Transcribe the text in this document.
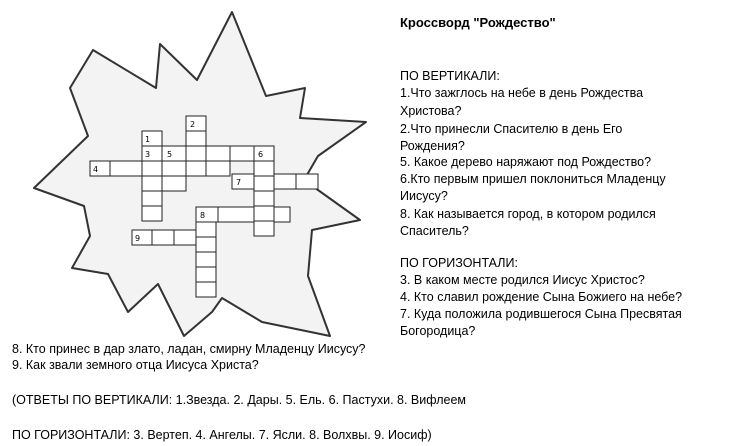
1
2
3 5	6
4
7
8
9
Кроссворд "Рождество"
ПО ВЕРТИКАЛИ:
1.Что зажглось на небе в день Рождества
Христова?
2.Что принесли Спасителю в день Его
Рождения?
5. Какое дерево наряжают под Рождество?
6.Кто первым пришел поклониться Младенцу
Иисусу?
8. Как называется город, в котором родился
Спаситель?
ПО ГОРИЗОНТАЛИ:
3. В каком месте родился Иисус Христос?
4. Кто славил рождение Сына Божиего на небе?
7. Куда положила родившегося Сына Пресвятая
Богородица?
8. Кто принес в дар злато, ладан, смирну Младенцу Иисусу?
9. Как звали земного отца Иисуса Христа?
(ОТВЕТЫ ПО ВЕРТИКАЛИ: 1.Звезда. 2. Дары. 5. Ель. 6. Пастухи. 8. Вифлеем
ПО ГОРИЗОНТАЛИ: 3. Вертеп. 4. Ангелы. 7. Ясли. 8. Волхвы. 9. Иосиф)
